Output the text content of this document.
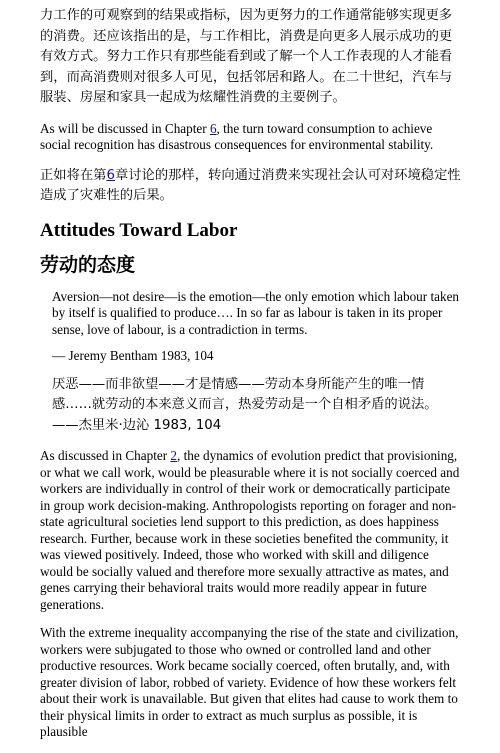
力工作的可观察到的结果或指标，因为更努力的工作通常能够实现更多的消费。还应该指出的是，与工作相比，消费是向更多人展示成功的更有效方式。努力工作只有那些能看到或了解一个人工作表现的人才能看到，而高消费则对很多人可见，包括邻居和路人。在二十世纪，汽车与服装、房屋和家具一起成为炫耀性消费的主要例子。

As will be discussed in Chapter 6, the turn toward consumption to achieve social recognition has disastrous consequences for environmental stability.

正如将在第6章讨论的那样，转向通过消费来实现社会认可对环境稳定性造成了灾难性的后果。

Attitudes Toward Labor
劳动的态度

Aversion—not desire—is the emotion—the only emotion which labour taken by itself is qualified to produce…. In so far as labour is taken in its proper sense, love of labour, is a contradiction in terms.

— Jeremy Bentham 1983, 104

厌恶——而非欲望——才是情感——劳动本身所能产生的唯一情感……就劳动的本来意义而言，热爱劳动是一个自相矛盾的说法。——杰里米·边沁 1983, 104

As discussed in Chapter 2, the dynamics of evolution predict that provisioning, or what we call work, would be pleasurable where it is not socially coerced and workers are individually in control of their work or democratically participate in group work decision-making. Anthropologists reporting on forager and non-state agricultural societies lend support to this prediction, as does happiness research. Further, because work in these societies benefited the community, it was viewed positively. Indeed, those who worked with skill and diligence would be socially valued and therefore more sexually attractive as mates, and genes carrying their behavioral traits would more readily appear in future generations.

With the extreme inequality accompanying the rise of the state and civilization, workers were subjugated to those who owned or controlled land and other productive resources. Work became socially coerced, often brutally, and, with greater division of labor, robbed of variety. Evidence of how these workers felt about their work is unavailable. But given that elites had cause to work them to their physical limits in order to extract as much surplus as possible, it is plausible
